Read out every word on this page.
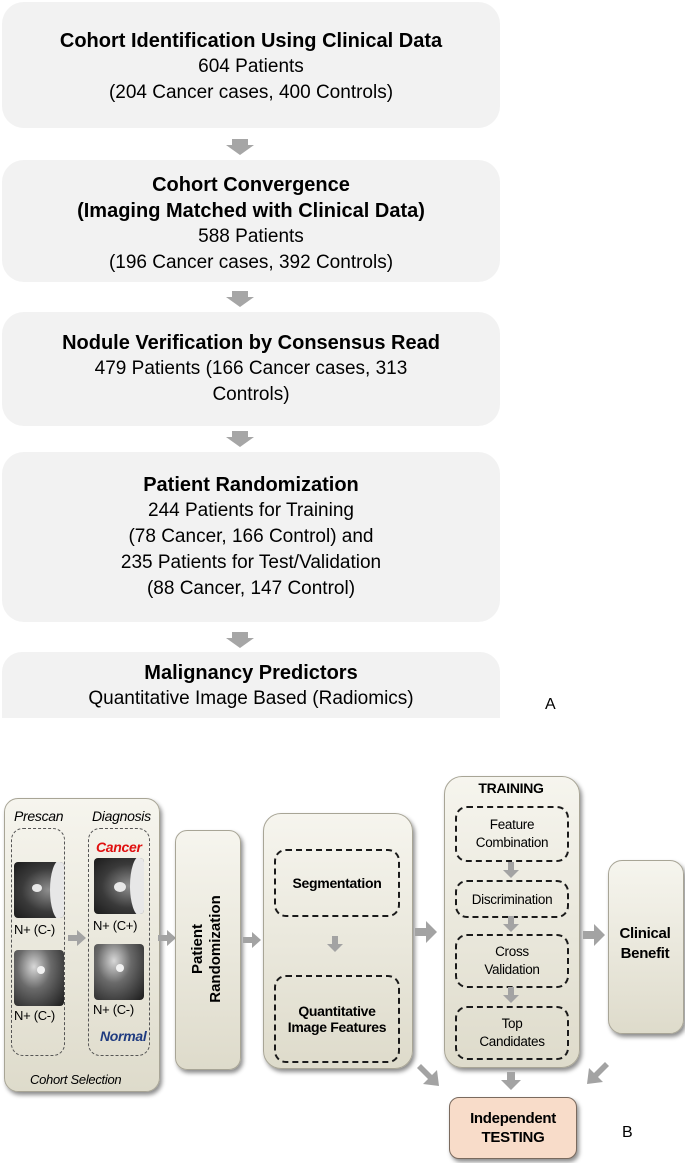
Cohort Identification Using Clinical Data
604 Patients
(204 Cancer cases, 400 Controls)
Cohort Convergence
(Imaging Matched with Clinical Data)
588 Patients
(196 Cancer cases, 392 Controls)
Nodule Verification by Consensus Read
479 Patients (166 Cancer cases, 313
Controls)
Patient Randomization
244 Patients for Training
(78 Cancer, 166 Control) and
235 Patients for Test/Validation
(88 Cancer, 147 Control)
Malignancy Predictors
Quantitative Image Based (Radiomics)	A
Prescan Diagnosis
Cancer
N+ (C-)	N+ (C+)
N+ (C-)	N+ (C-)
Normal
Cohort Selection
Patient Randomization
Segmentation
Quantitative
Image Features
TRAINING
Feature
Combination
Discrimination
Cross
Validation
Top
Candidates
Clinical
Benefit
Independent
TESTING	B
